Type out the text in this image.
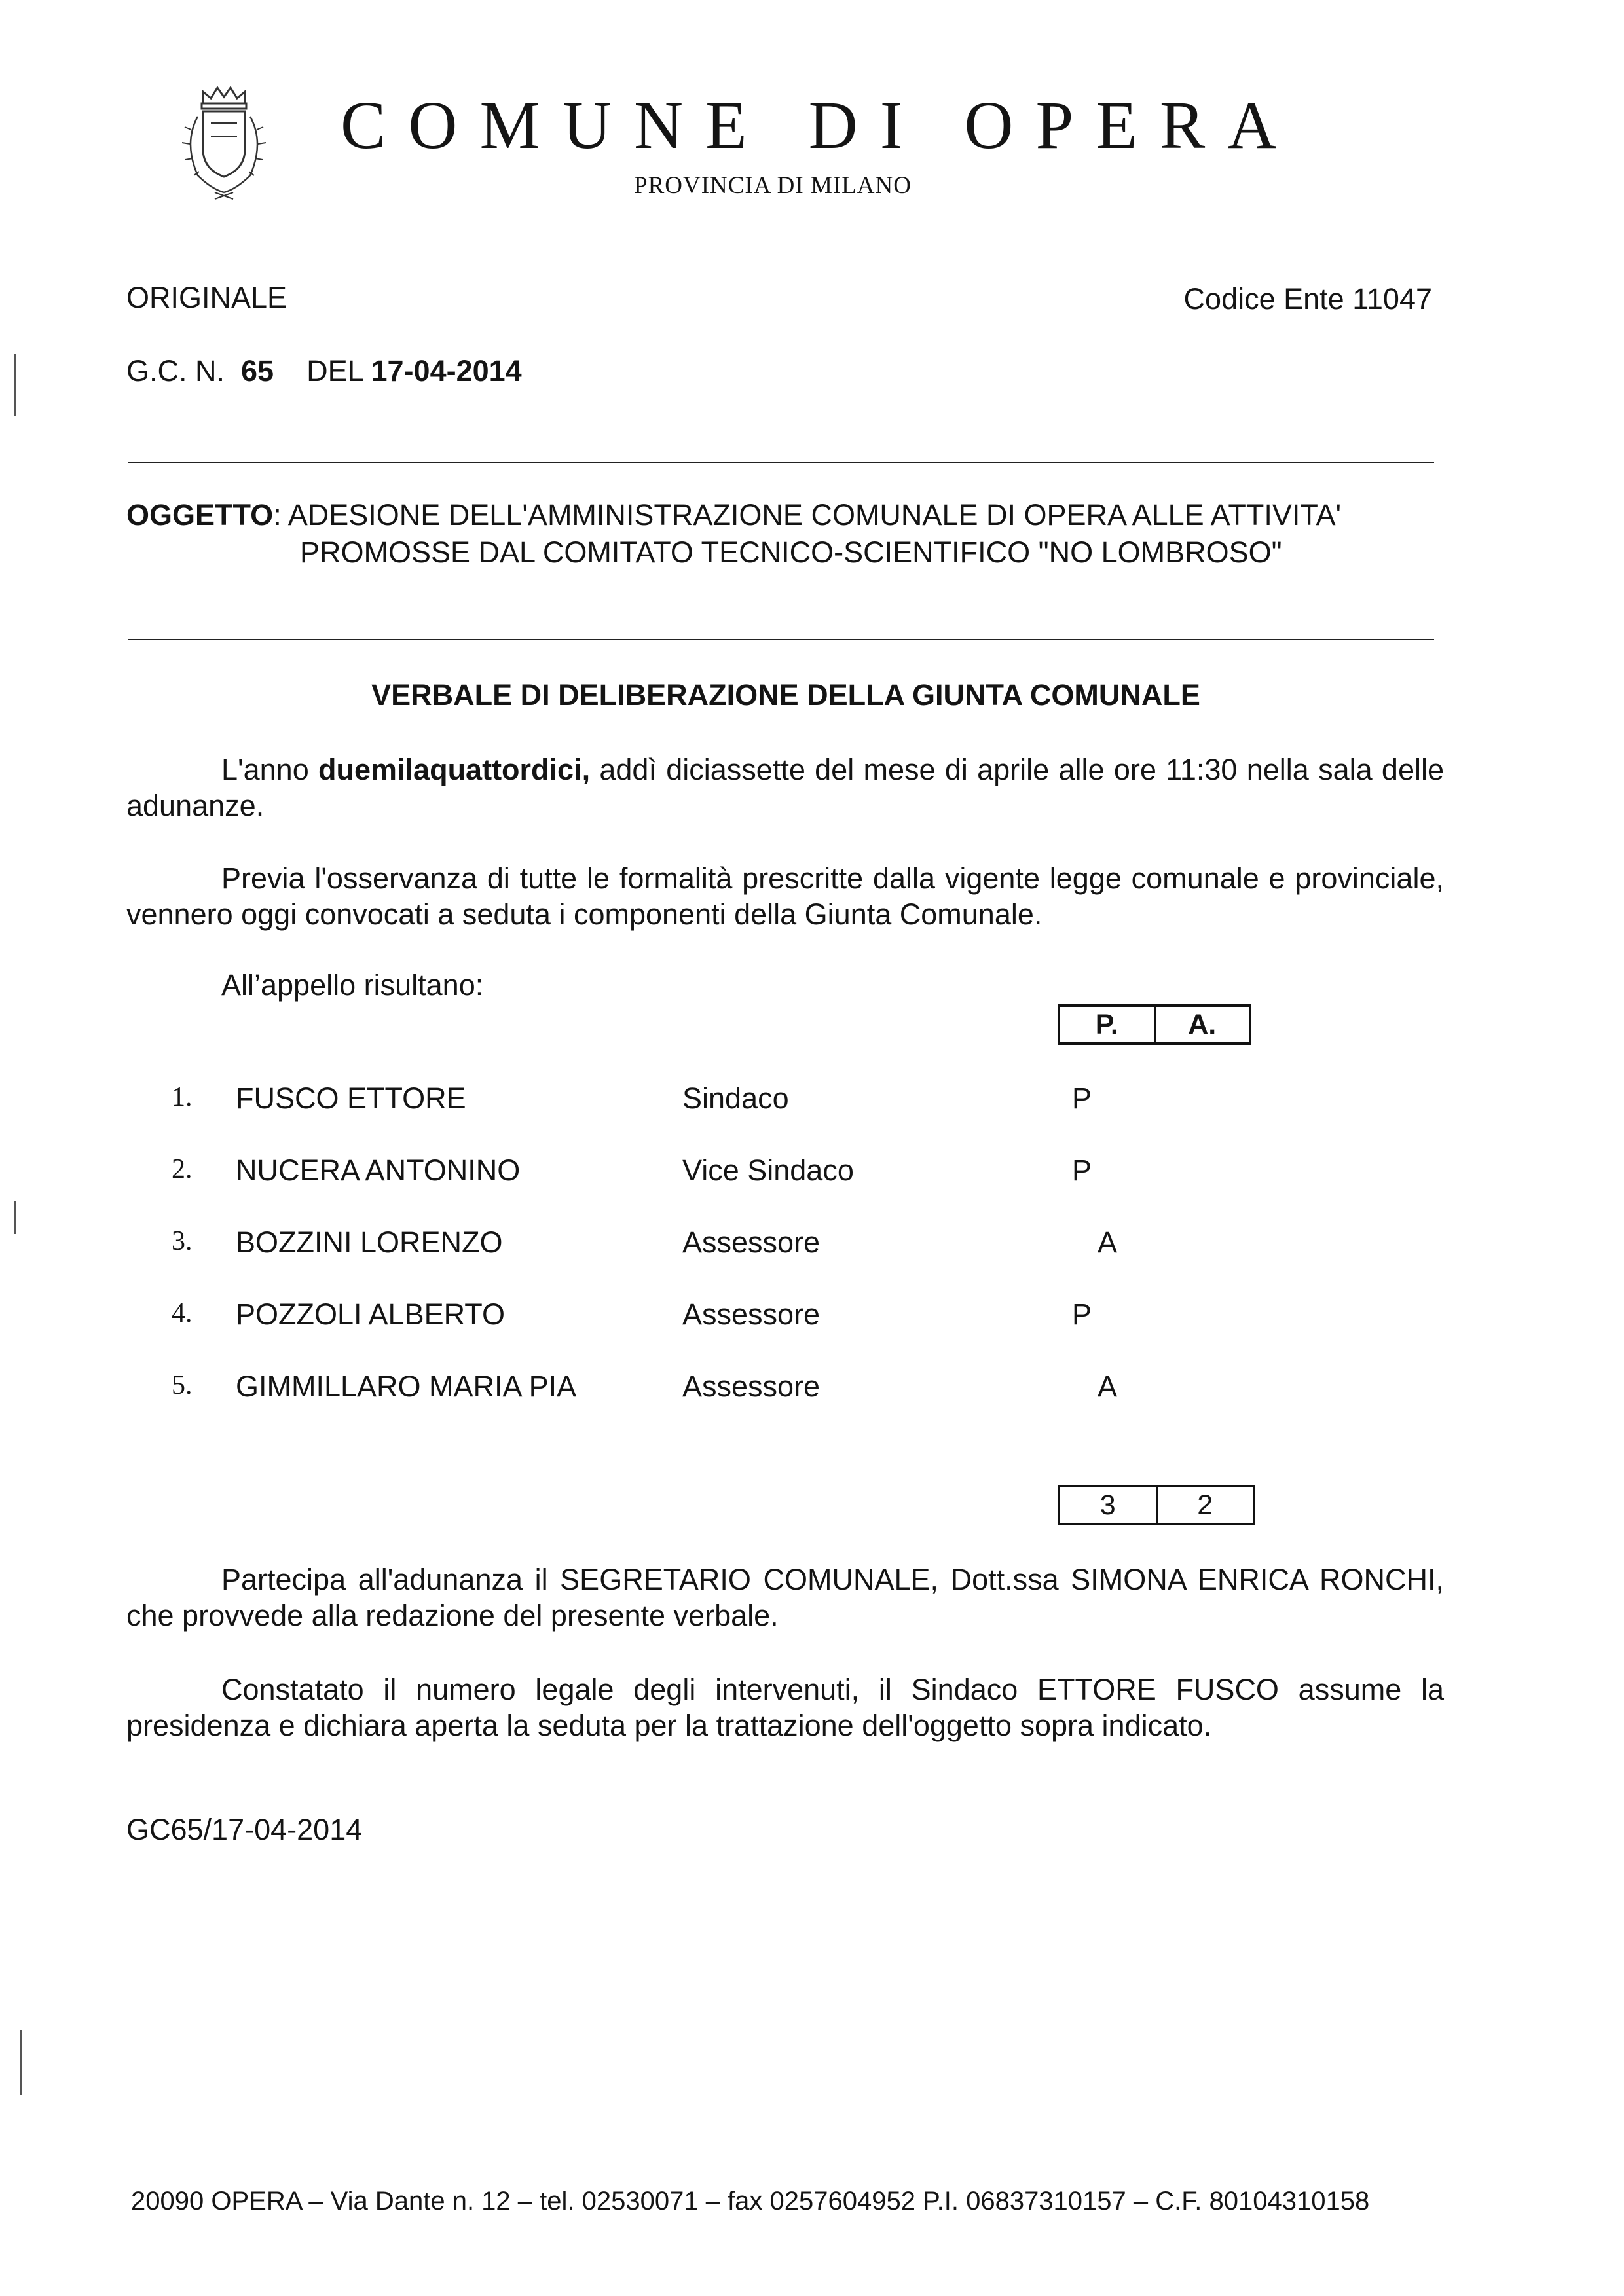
COMUNE DI OPERA
PROVINCIA DI MILANO
ORIGINALE	Codice Ente 11047
G.C. N. 65 DEL 17-04-2014
OGGETTO: ADESIONE DELL'AMMINISTRAZIONE COMUNALE DI OPERA ALLE ATTIVITA'
PROMOSSE DAL COMITATO TECNICO-SCIENTIFICO "NO LOMBROSO"
VERBALE DI DELIBERAZIONE DELLA GIUNTA COMUNALE
L'anno duemilaquattordici, addì diciassette del mese di aprile alle ore 11:30 nella sala delle adunanze.
Previa l'osservanza di tutte le formalità prescritte dalla vigente legge comunale e provinciale, vennero oggi convocati a seduta i componenti della Giunta Comunale.
All’appello risultano:
P.	A.
1. FUSCO ETTORE	Sindaco	P
2. NUCERA ANTONINO	Vice Sindaco	P
3. BOZZINI LORENZO	Assessore	A
4. POZZOLI ALBERTO	Assessore	P
5. GIMMILLARO MARIA PIA	Assessore	A
3	2
Partecipa all'adunanza il SEGRETARIO COMUNALE, Dott.ssa SIMONA ENRICA RONCHI, che provvede alla redazione del presente verbale.
Constatato il numero legale degli intervenuti, il Sindaco ETTORE FUSCO assume la presidenza e dichiara aperta la seduta per la trattazione dell'oggetto sopra indicato.
GC65/17-04-2014
20090 OPERA – Via Dante n. 12 – tel. 02530071 – fax 0257604952 P.I. 06837310157 – C.F. 80104310158
